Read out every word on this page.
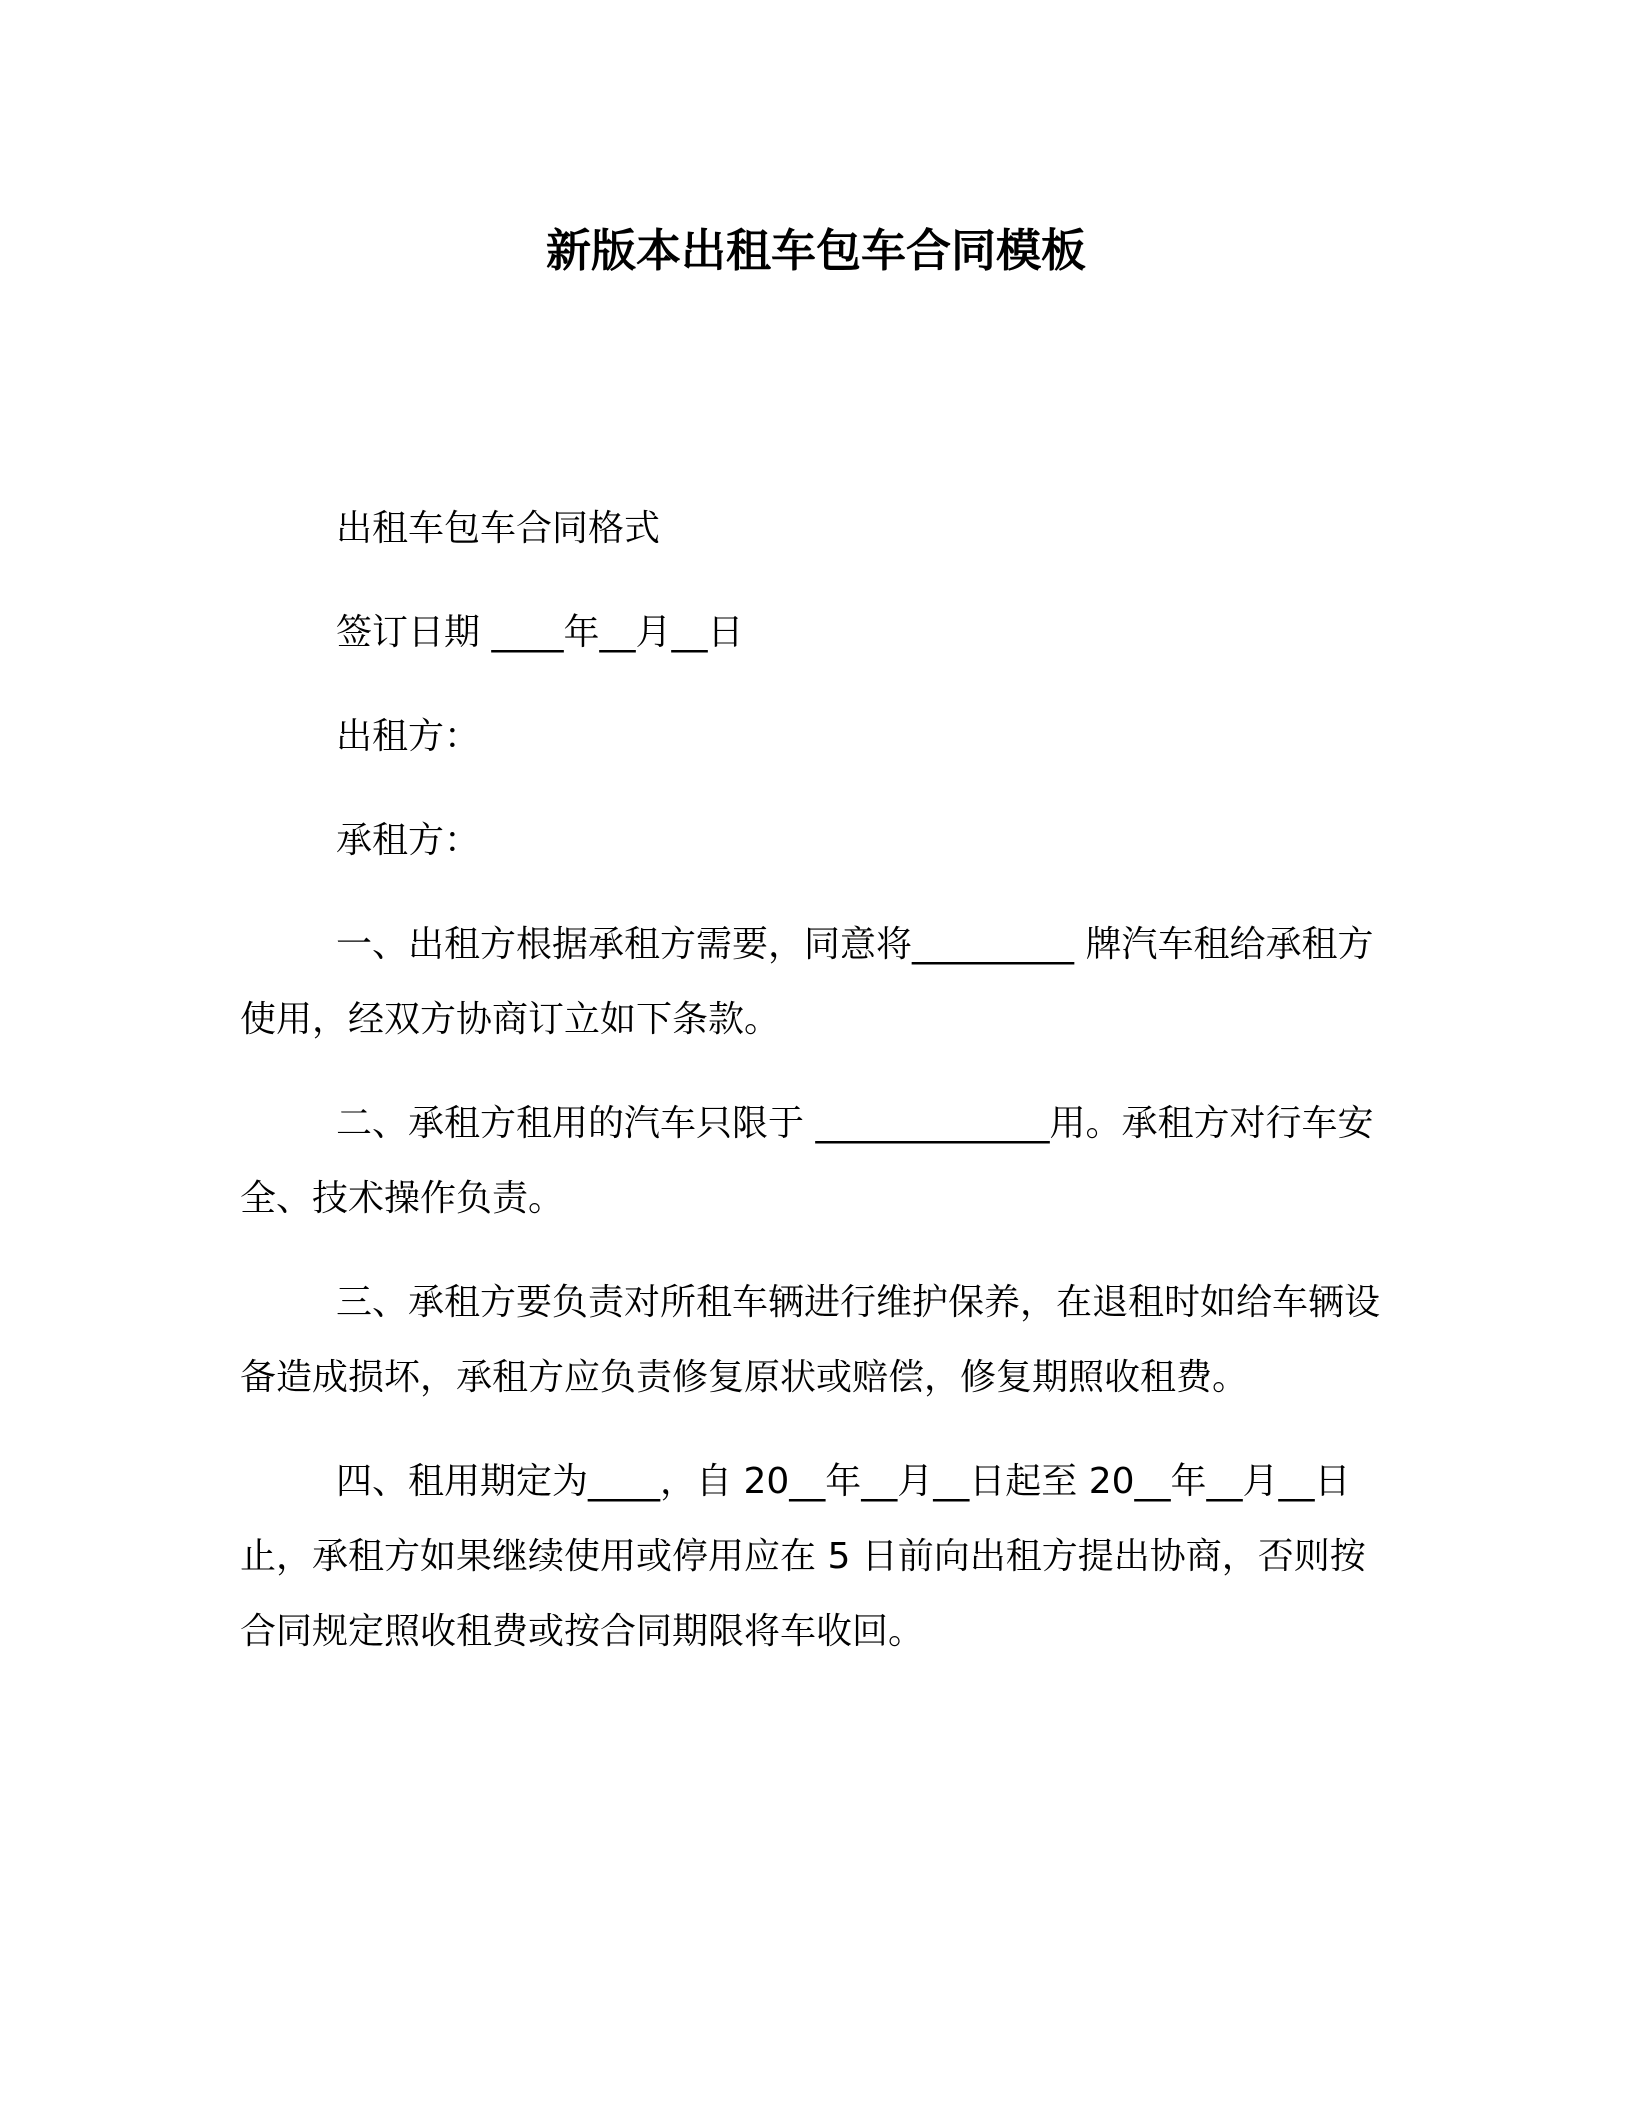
新版本出租车包车合同模板

出租车包车合同格式

签订日期 ____年__月__日

出租方：

承租方：

一、出租方根据承租方需要，同意将_________ 牌汽车租给承租方使用，经双方协商订立如下条款。

二、承租方租用的汽车只限于 _____________用。承租方对行车安全、技术操作负责。

三、承租方要负责对所租车辆进行维护保养，在退租时如给车辆设备造成损坏，承租方应负责修复原状或赔偿，修复期照收租费。

四、租用期定为____，自 20__年__月__日起至 20__年__月__日止，承租方如果继续使用或停用应在 5 日前向出租方提出协商，否则按合同规定照收租费或按合同期限将车收回。
